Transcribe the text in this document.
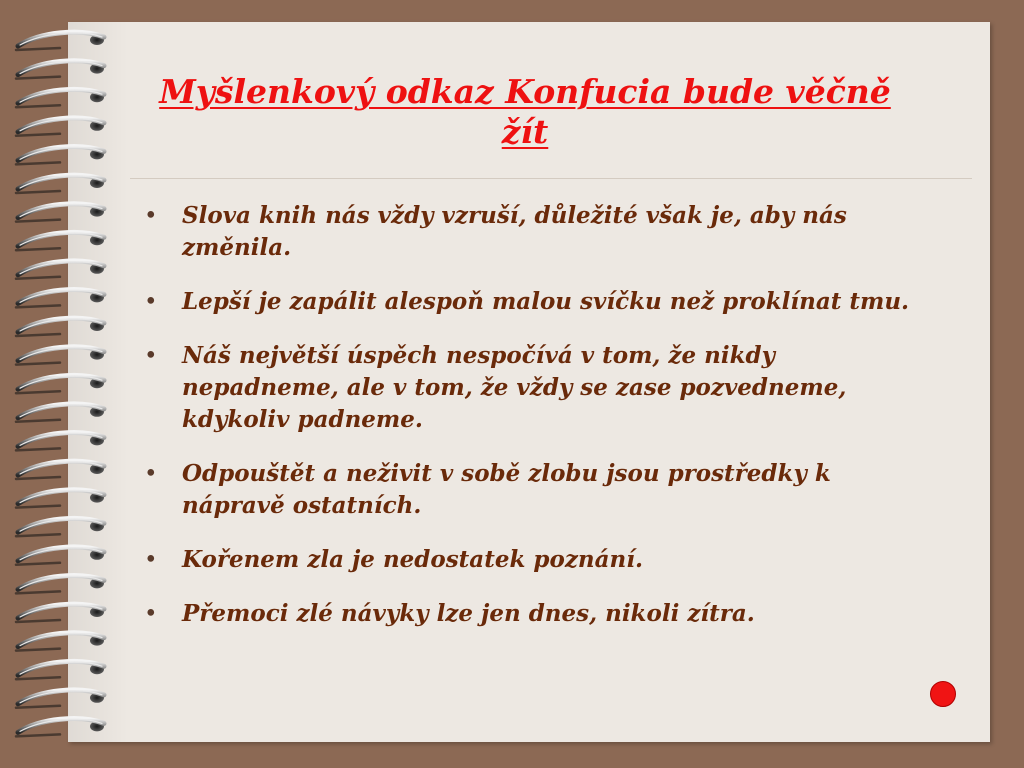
Myšlenkový odkaz Konfucia bude věčně žít
• Slova knih nás vždy vzruší, důležité však je, aby nás změnila.
• Lepší je zapálit alespoň malou svíčku než proklínat tmu.
• Náš největší úspěch nespočívá v tom, že nikdy nepadneme, ale v tom, že vždy se zase pozvedneme, kdykoliv padneme.
• Odpouštět a neživit v sobě zlobu jsou prostředky k nápravě ostatních.
• Kořenem zla je nedostatek poznání.
• Přemoci zlé návyky lze jen dnes, nikoli zítra.
